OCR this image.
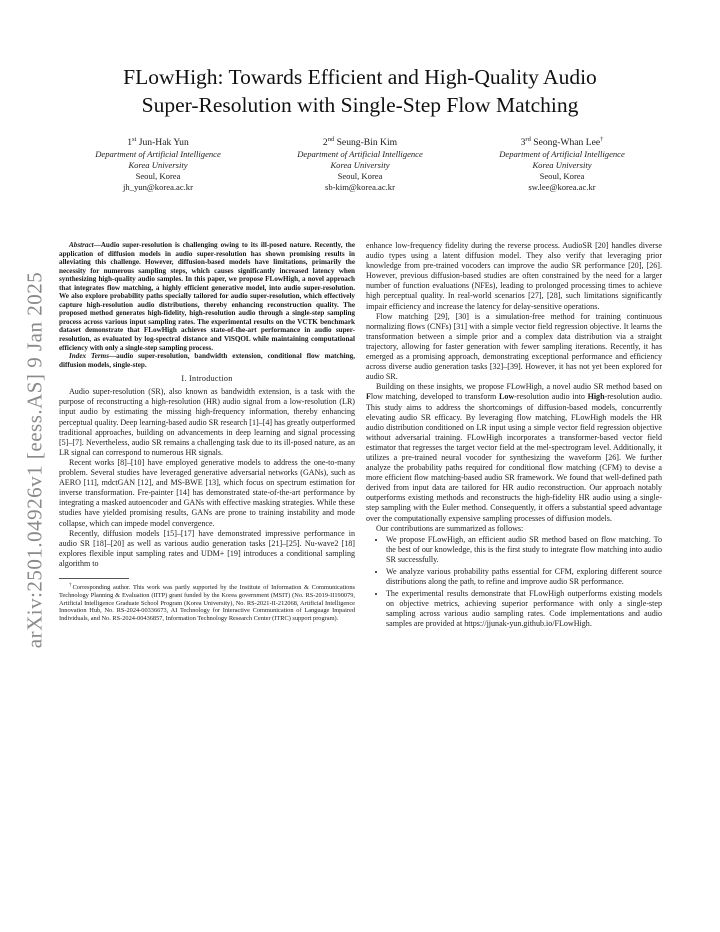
arXiv:2501.04926v1 [eess.AS] 9 Jan 2025
FLowHigh: Towards Efficient and High-Quality Audio
Super-Resolution with Single-Step Flow Matching
1st Jun-Hak Yun
Department of Artificial Intelligence
Korea University
Seoul, Korea
jh_yun@korea.ac.kr
2nd Seung-Bin Kim
Department of Artificial Intelligence
Korea University
Seoul, Korea
sb-kim@korea.ac.kr
3rd Seong-Whan Lee†
Department of Artificial Intelligence
Korea University
Seoul, Korea
sw.lee@korea.ac.kr

Abstract—Audio super-resolution is challenging owing to its ill-posed nature. Recently, the application of diffusion models in audio super-resolution has shown promising results in alleviating this challenge. However, diffusion-based models have limitations, primarily the necessity for numerous sampling steps, which causes significantly increased latency when synthesizing high-quality audio samples. In this paper, we propose FLowHigh, a novel approach that integrates flow matching, a highly efficient generative model, into audio super-resolution. We also explore probability paths specially tailored for audio super-resolution, which effectively capture high-resolution audio distributions, thereby enhancing reconstruction quality. The proposed method generates high-fidelity, high-resolution audio through a single-step sampling process across various input sampling rates. The experimental results on the VCTK benchmark dataset demonstrate that FLowHigh achieves state-of-the-art performance in audio super-resolution, as evaluated by log-spectral distance and ViSQOL while maintaining computational efficiency with only a single-step sampling process.

Index Terms—audio super-resolution, bandwidth extension, conditional flow matching, diffusion models, single-step.

I. Introduction

Audio super-resolution (SR), also known as bandwidth extension, is a task with the purpose of reconstructing a high-resolution (HR) audio signal from a low-resolution (LR) input audio by estimating the missing high-frequency information, thereby enhancing perceptual quality. Deep learning-based audio SR research [1]–[4] has greatly outperformed traditional approaches, building on advancements in deep learning and signal processing [5]–[7]. Nevertheless, audio SR remains a challenging task due to its ill-posed nature, as an LR signal can correspond to numerous HR signals.

Recent works [8]–[10] have employed generative models to address the one-to-many problem. Several studies have leveraged generative adversarial networks (GANs), such as AERO [11], mdctGAN [12], and MS-BWE [13], which focus on spectrum estimation for inverse transformation. Fre-painter [14] has demonstrated state-of-the-art performance by integrating a masked autoencoder and GANs with effective masking strategies. While these studies have yielded promising results, GANs are prone to training instability and mode collapse, which can impede model convergence.

Recently, diffusion models [15]–[17] have demonstrated impressive performance in audio SR [18]–[20] as well as various audio generation tasks [21]–[25]. Nu-wave2 [18] explores flexible input sampling rates and UDM+ [19] introduces a conditional sampling algorithm to

†Corresponding author. This work was partly supported by the Institute of Information & Communications Technology Planning & Evaluation (IITP) grant funded by the Korea government (MSIT) (No. RS-2019-II190079, Artificial Intelligence Graduate School Program (Korea University), No. RS-2021-II-212068, Artificial Intelligence Innovation Hub, No. RS-2024-00336673, AI Technology for Interactive Communication of Language Impaired Individuals, and No. RS-2024-00436857, Information Technology Research Center (ITRC) support program).

enhance low-frequency fidelity during the reverse process. AudioSR [20] handles diverse audio types using a latent diffusion model. They also verify that leveraging prior knowledge from pre-trained vocoders can improve the audio SR performance [20], [26]. However, previous diffusion-based studies are often constrained by the need for a larger number of function evaluations (NFEs), leading to prolonged processing times to achieve high perceptual quality. In real-world scenarios [27], [28], such limitations significantly impair efficiency and increase the latency for delay-sensitive operations.

Flow matching [29], [30] is a simulation-free method for training continuous normalizing flows (CNFs) [31] with a simple vector field regression objective. It learns the transformation between a simple prior and a complex data distribution via a straight trajectory, allowing for faster generation with fewer sampling iterations. Recently, it has emerged as a promising approach, demonstrating exceptional performance and efficiency across diverse audio generation tasks [32]–[39]. However, it has not yet been explored for audio SR.

Building on these insights, we propose FLowHigh, a novel audio SR method based on Flow matching, developed to transform Low-resolution audio into High-resolution audio. This study aims to address the shortcomings of diffusion-based models, concurrently elevating audio SR efficacy. By leveraging flow matching, FLowHigh models the HR audio distribution conditioned on LR input using a simple vector field regression objective without adversarial training. FLowHigh incorporates a transformer-based vector field estimator that regresses the target vector field at the mel-spectrogram level. Additionally, it utilizes a pre-trained neural vocoder for synthesizing the waveform [26]. We further analyze the probability paths required for conditional flow matching (CFM) to devise a more efficient flow matching-based audio SR framework. We found that well-defined path derived from input data are tailored for HR audio reconstruction. Our approach notably outperforms existing methods and reconstructs the high-fidelity HR audio using a single-step sampling with the Euler method. Consequently, it offers a substantial speed advantage over the computationally expensive sampling processes of diffusion models.

Our contributions are summarized as follows:

• We propose FLowHigh, an efficient audio SR method based on flow matching. To the best of our knowledge, this is the first study to integrate flow matching into audio SR successfully.
• We analyze various probability paths essential for CFM, exploring different source distributions along the path, to refine and improve audio SR performance.
• The experimental results demonstrate that FLowHigh outperforms existing models on objective metrics, achieving superior performance with only a single-step sampling across various audio sampling rates. Code implementations and audio samples are provided at https://jjunak-yun.github.io/FLowHigh.
